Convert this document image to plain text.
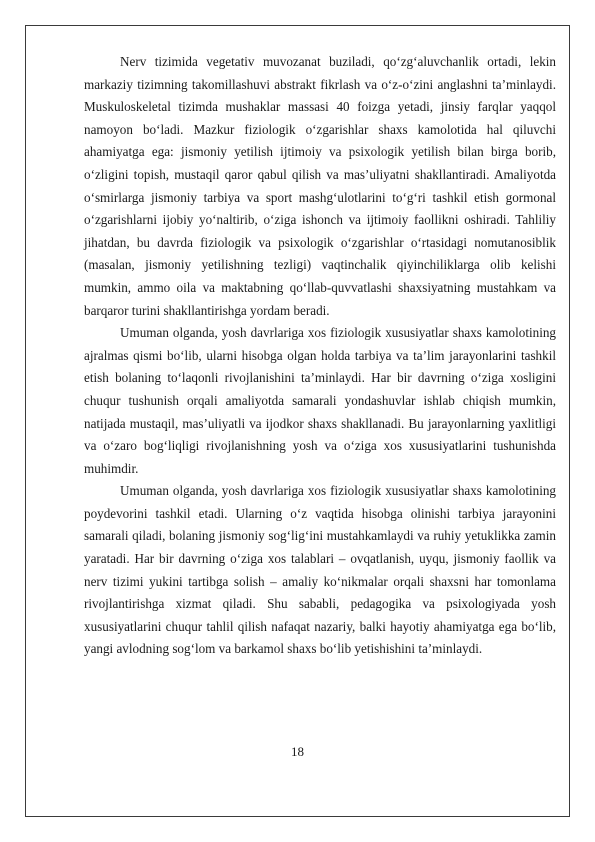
Nerv tizimida vegetativ muvozanat buziladi, qo‘zg‘aluvchanlik ortadi, lekin markaziy tizimning takomillashuvi abstrakt fikrlash va o‘z-o‘zini anglashni ta’minlaydi. Muskuloskeletal tizimda mushaklar massasi 40 foizga yetadi, jinsiy farqlar yaqqol namoyon bo‘ladi. Mazkur fiziologik o‘zgarishlar shaxs kamolotida hal qiluvchi ahamiyatga ega: jismoniy yetilish ijtimoiy va psixologik yetilish bilan birga borib, o‘zligini topish, mustaqil qaror qabul qilish va mas’uliyatni shakllantiradi. Amaliyotda o‘smirlarga jismoniy tarbiya va sport mashg‘ulotlarini to‘g‘ri tashkil etish gormonal o‘zgarishlarni ijobiy yo‘naltirib, o‘ziga ishonch va ijtimoiy faollikni oshiradi. Tahliliy jihatdan, bu davrda fiziologik va psixologik o‘zgarishlar o‘rtasidagi nomutanosiblik (masalan, jismoniy yetilishning tezligi) vaqtinchalik qiyinchiliklarga olib kelishi mumkin, ammo oila va maktabning qo‘llab-quvvatlashi shaxsiyatning mustahkam va barqaror turini shakllantirishga yordam beradi.

Umuman olganda, yosh davrlariga xos fiziologik xususiyatlar shaxs kamolotining ajralmas qismi bo‘lib, ularni hisobga olgan holda tarbiya va ta’lim jarayonlarini tashkil etish bolaning to‘laqonli rivojlanishini ta’minlaydi. Har bir davrning o‘ziga xosligini chuqur tushunish orqali amaliyotda samarali yondashuvlar ishlab chiqish mumkin, natijada mustaqil, mas’uliyatli va ijodkor shaxs shakllanadi. Bu jarayonlarning yaxlitligi va o‘zaro bog‘liqligi rivojlanishning yosh va o‘ziga xos xususiyatlarini tushunishda muhimdir.

Umuman olganda, yosh davrlariga xos fiziologik xususiyatlar shaxs kamolotining poydevorini tashkil etadi. Ularning o‘z vaqtida hisobga olinishi tarbiya jarayonini samarali qiladi, bolaning jismoniy sog‘lig‘ini mustahkamlaydi va ruhiy yetuklikka zamin yaratadi. Har bir davrning o‘ziga xos talablari – ovqatlanish, uyqu, jismoniy faollik va nerv tizimi yukini tartibga solish – amaliy ko‘nikmalar orqali shaxsni har tomonlama rivojlantirishga xizmat qiladi. Shu sababli, pedagogika va psixologiyada yosh xususiyatlarini chuqur tahlil qilish nafaqat nazariy, balki hayotiy ahamiyatga ega bo‘lib, yangi avlodning sog‘lom va barkamol shaxs bo‘lib yetishishini ta’minlaydi.

18
